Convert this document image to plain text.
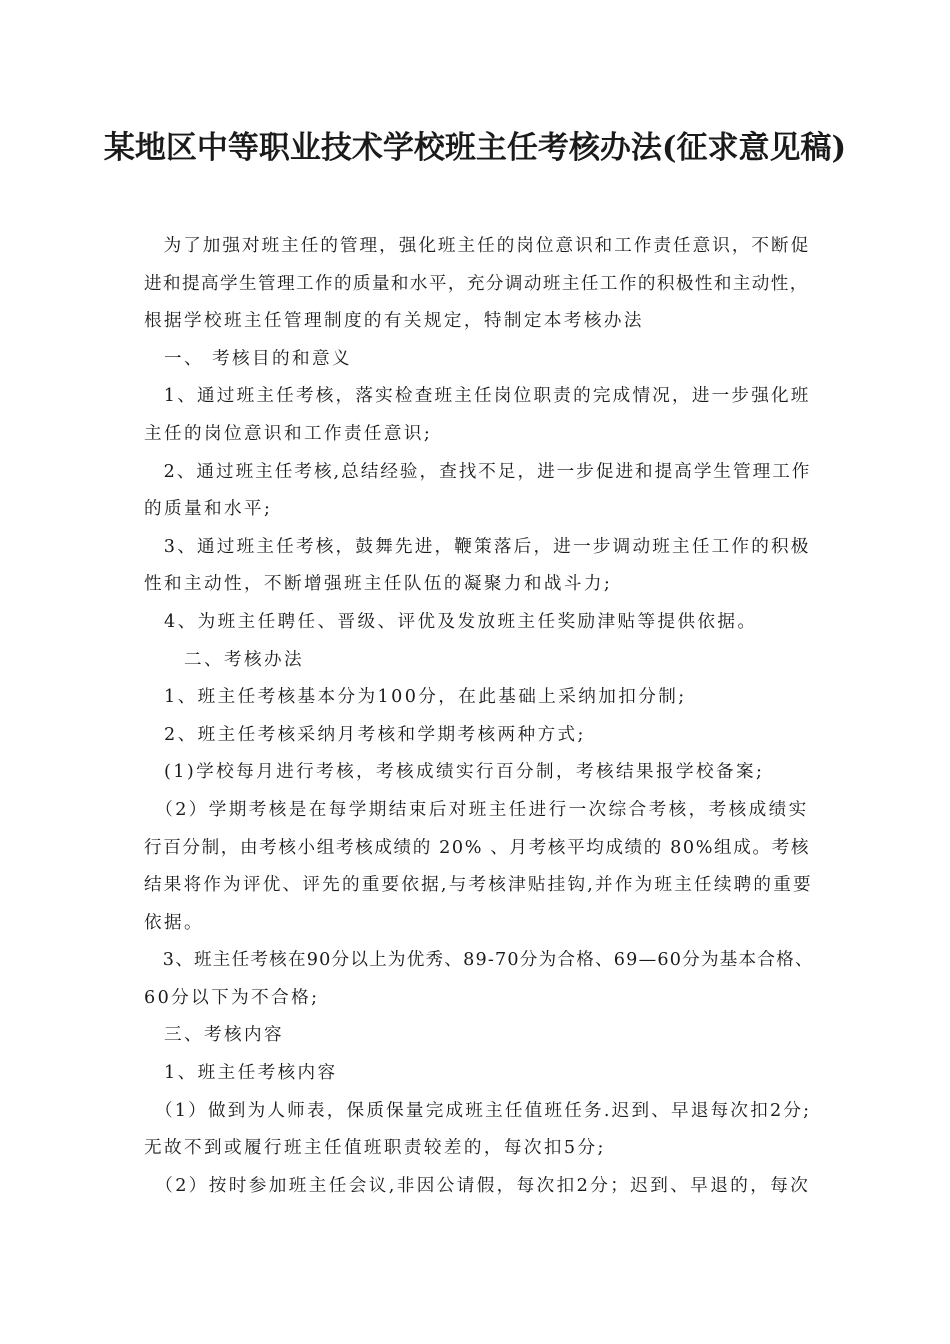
某地区中等职业技术学校班主任考核办法(征求意见稿)

　为了加强对班主任的管理，强化班主任的岗位意识和工作责任意识，不断促

进和提高学生管理工作的质量和水平，充分调动班主任工作的积极性和主动性，

根据学校班主任管理制度的有关规定，特制定本考核办法

　一、 考核目的和意义

　1、通过班主任考核，落实检查班主任岗位职责的完成情况，进一步强化班

主任的岗位意识和工作责任意识;

　2、通过班主任考核,总结经验，查找不足，进一步促进和提高学生管理工作

的质量和水平;

　3、通过班主任考核，鼓舞先进，鞭策落后，进一步调动班主任工作的积极

性和主动性，不断增强班主任队伍的凝聚力和战斗力;

　4、为班主任聘任、晋级、评优及发放班主任奖励津贴等提供依据。

　　二、考核办法

　1、班主任考核基本分为100分，在此基础上采纳加扣分制;

　2、班主任考核采纳月考核和学期考核两种方式;

　(1)学校每月进行考核，考核成绩实行百分制，考核结果报学校备案;

　（2）学期考核是在每学期结束后对班主任进行一次综合考核，考核成绩实

行百分制，由考核小组考核成绩的 20% 、月考核平均成绩的 80%组成。考核

结果将作为评优、评先的重要依据,与考核津贴挂钩,并作为班主任续聘的重要

依据。

　3、班主任考核在90分以上为优秀、89-70分为合格、69—60分为基本合格、

60分以下为不合格;

　三、考核内容

　1、班主任考核内容

　（1）做到为人师表，保质保量完成班主任值班任务.迟到、早退每次扣2分;

无故不到或履行班主任值班职责较差的，每次扣5分;

　（2）按时参加班主任会议,非因公请假，每次扣2分；迟到、早退的，每次
